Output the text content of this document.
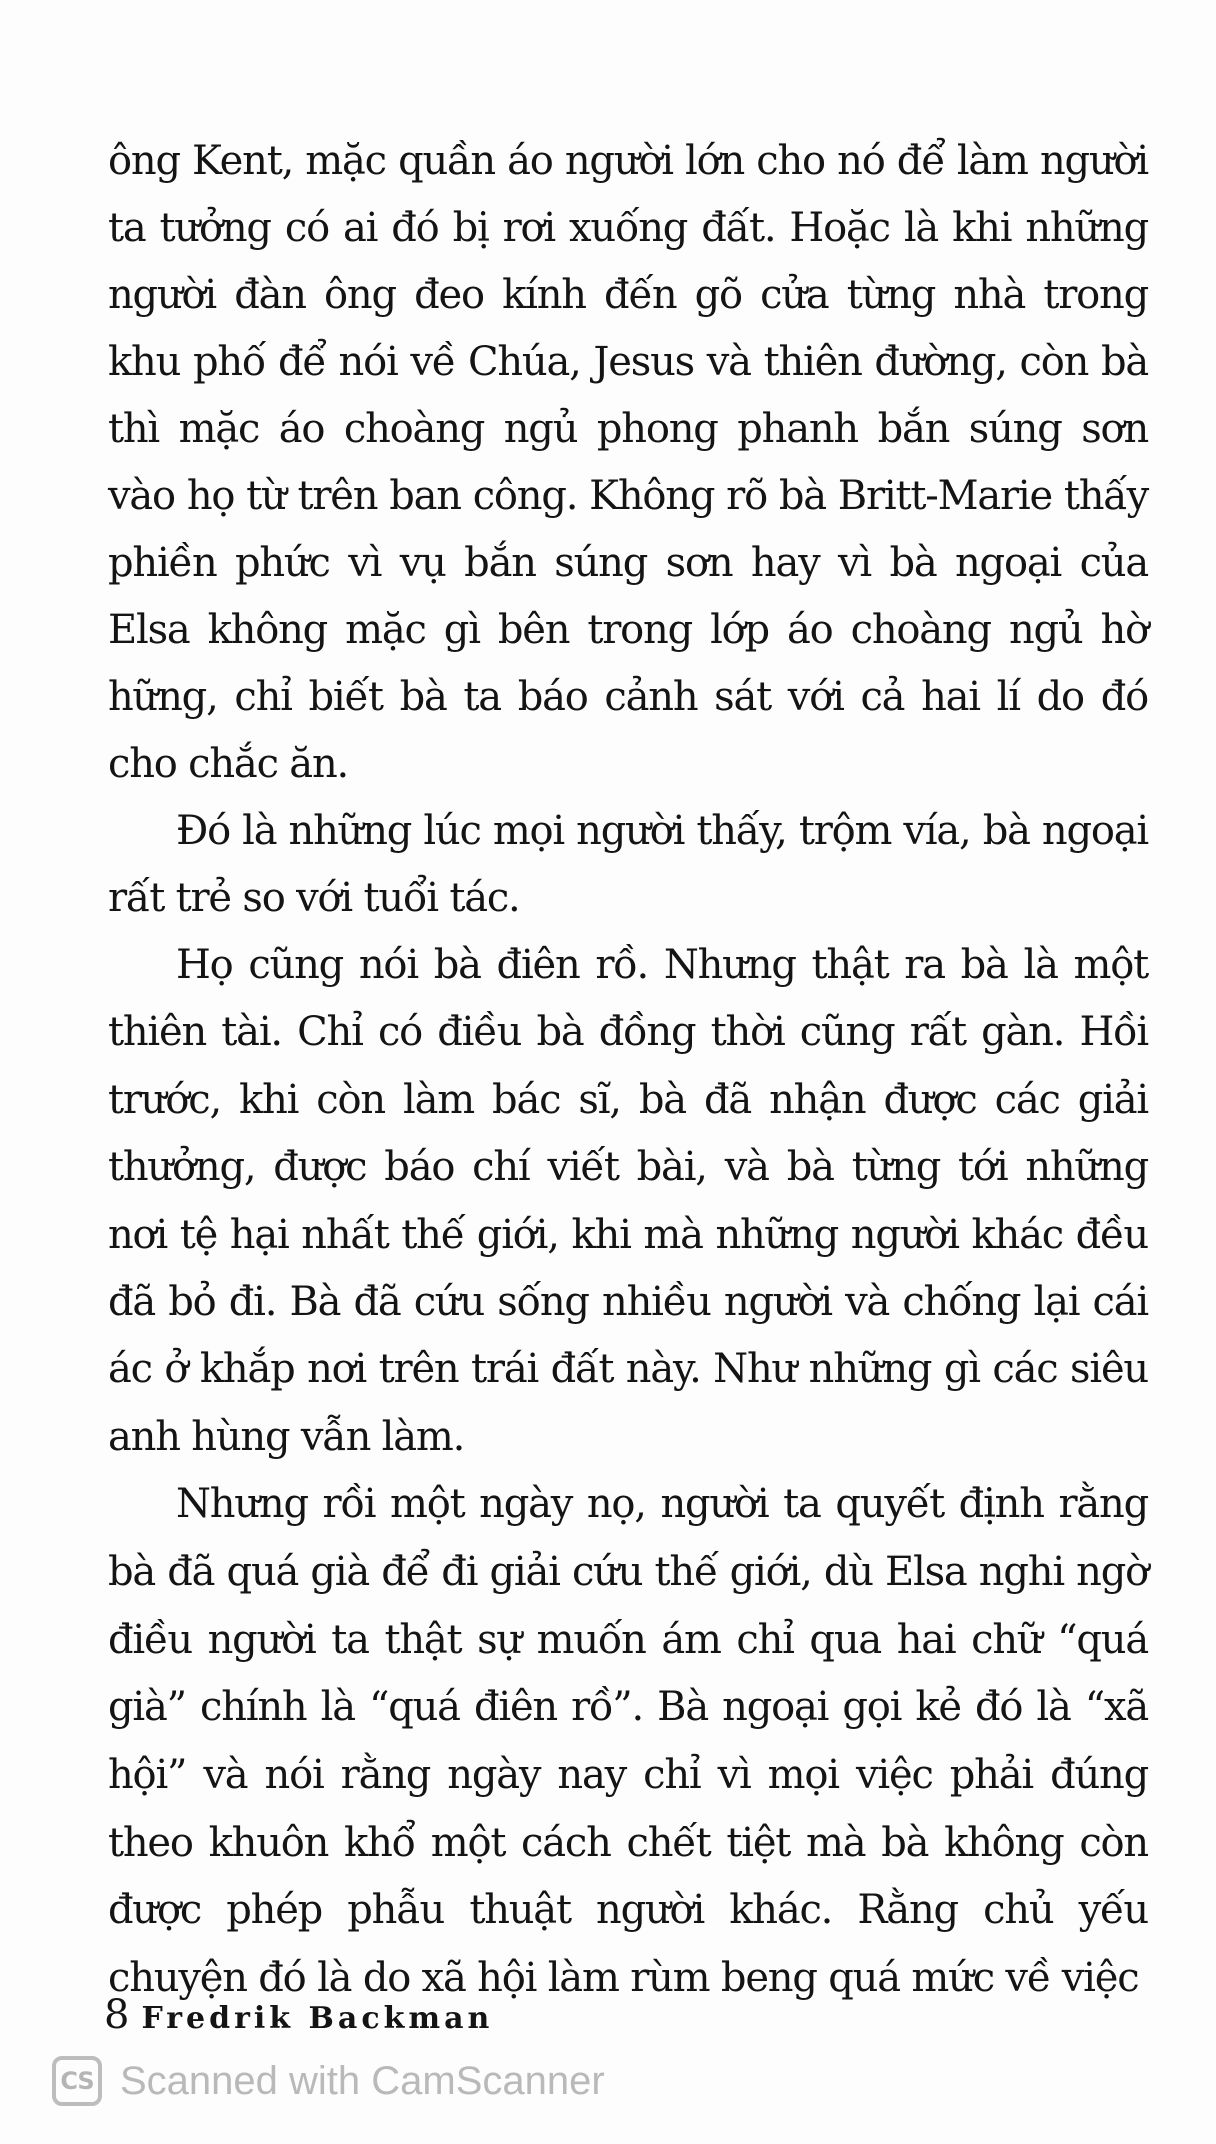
ông Kent, mặc quần áo người lớn cho nó để làm người ta tưởng có ai đó bị rơi xuống đất. Hoặc là khi những người đàn ông đeo kính đến gõ cửa từng nhà trong khu phố để nói về Chúa, Jesus và thiên đường, còn bà thì mặc áo choàng ngủ phong phanh bắn súng sơn vào họ từ trên ban công. Không rõ bà Britt-Marie thấy phiền phức vì vụ bắn súng sơn hay vì bà ngoại của Elsa không mặc gì bên trong lớp áo choàng ngủ hờ hững, chỉ biết bà ta báo cảnh sát với cả hai lí do đó cho chắc ăn.

Đó là những lúc mọi người thấy, trộm vía, bà ngoại rất trẻ so với tuổi tác.

Họ cũng nói bà điên rồ. Nhưng thật ra bà là một thiên tài. Chỉ có điều bà đồng thời cũng rất gàn. Hồi trước, khi còn làm bác sĩ, bà đã nhận được các giải thưởng, được báo chí viết bài, và bà từng tới những nơi tệ hại nhất thế giới, khi mà những người khác đều đã bỏ đi. Bà đã cứu sống nhiều người và chống lại cái ác ở khắp nơi trên trái đất này. Như những gì các siêu anh hùng vẫn làm.

Nhưng rồi một ngày nọ, người ta quyết định rằng bà đã quá già để đi giải cứu thế giới, dù Elsa nghi ngờ điều người ta thật sự muốn ám chỉ qua hai chữ “quá già” chính là “quá điên rồ”. Bà ngoại gọi kẻ đó là “xã hội” và nói rằng ngày nay chỉ vì mọi việc phải đúng theo khuôn khổ một cách chết tiệt mà bà không còn được phép phẫu thuật người khác. Rằng chủ yếu chuyện đó là do xã hội làm rùm beng quá mức về việc

8 Fredrik Backman
CS Scanned with CamScanner
